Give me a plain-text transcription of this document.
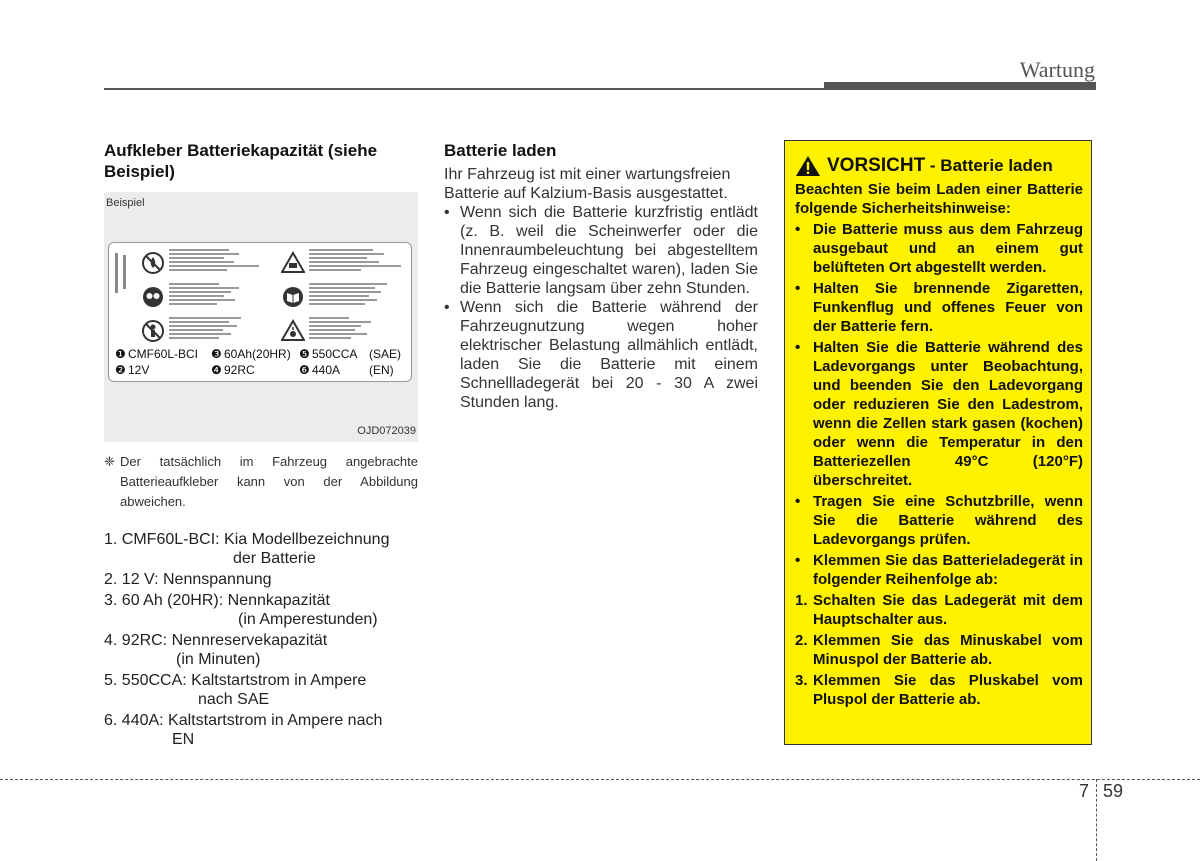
Wartung
Aufkleber Batteriekapazität (siehe Beispiel)
Beispiel
❶ CMF60L-BCI ❸ 60Ah(20HR) ❺ 550CCA (SAE)
❷ 12V	❹ 92RC	❻ 440A (EN)
OJD072039
❈ Der tatsächlich im Fahrzeug angebrachte Batterieaufkleber kann von der Abbildung abweichen.
1. CMF60L-BCI: Kia Modellbezeichnung
der Batterie
2. 12 V: Nennspannung
3. 60 Ah (20HR): Nennkapazität
(in Amperestunden)
4. 92RC: Nennreservekapazität
(in Minuten)
5. 550CCA: Kaltstartstrom in Ampere
nach SAE
6. 440A: Kaltstartstrom in Ampere nach
EN
Batterie laden
Ihr Fahrzeug ist mit einer wartungsfreien Batterie auf Kalzium-Basis ausgestattet.
• Wenn sich die Batterie kurzfristig entlädt (z. B. weil die Scheinwerfer oder die Innenraumbeleuchtung bei abgestelltem Fahrzeug eingeschaltet waren), laden Sie die Batterie langsam über zehn Stunden.
• Wenn sich die Batterie während der Fahrzeugnutzung wegen hoher elektrischer Belastung allmählich entlädt, laden Sie die Batterie mit einem Schnellladegerät bei 20 - 30 A zwei Stunden lang.
VORSICHT - Batterie laden
Beachten Sie beim Laden einer Batterie folgende Sicherheitshinweise:
• Die Batterie muss aus dem Fahrzeug ausgebaut und an einem gut belüfteten Ort abgestellt werden.
• Halten Sie brennende Zigaretten, Funkenflug und offenes Feuer von der Batterie fern.
• Halten Sie die Batterie während des Ladevorgangs unter Beobachtung, und beenden Sie den Ladevorgang oder reduzieren Sie den Ladestrom, wenn die Zellen stark gasen (kochen) oder wenn die Temperatur in den Batteriezellen 49°C (120°F) überschreitet.
• Tragen Sie eine Schutzbrille, wenn Sie die Batterie während des Ladevorgangs prüfen.
• Klemmen Sie das Batterieladegerät in folgender Reihenfolge ab:
1. Schalten Sie das Ladegerät mit dem Hauptschalter aus.
2. Klemmen Sie das Minuskabel vom Minuspol der Batterie ab.
3. Klemmen Sie das Pluskabel vom Pluspol der Batterie ab.
7 59
